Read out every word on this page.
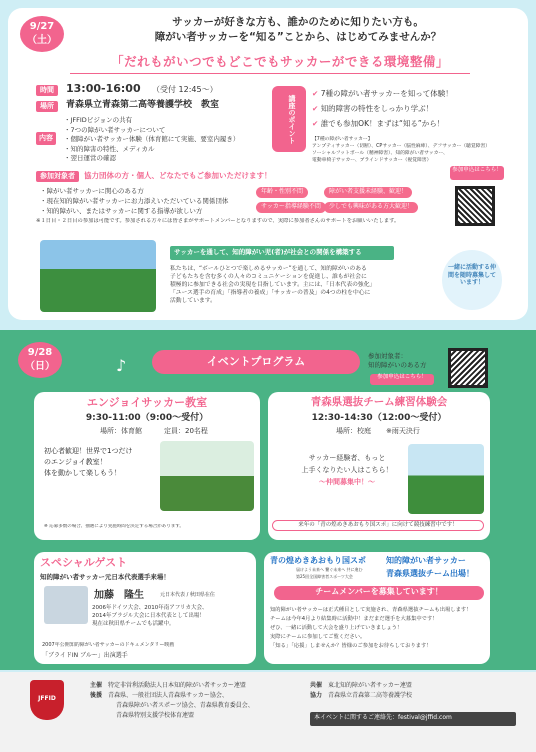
9/27
（土）
サッカーが好きな方も、誰かのために知りたい方も。
障がい者サッカーを“知る”ことから、はじめてみませんか？
「だれもがいつでもどこでもサッカーができる環境整備」
時間	13:00-16:00 （受付 12:45～）
場所	青森県立青森第二高等養護学校　教室
内容
・JFFIDビジョンの共有
・7つの障がい者サッカーについて
・個障がい者サッカー体験（体育館にて実施、要室内履き）
・知的障害の特性、メディカル
・翌日運営の確認
講座のポイント
✔ 7種の障がい者サッカーを知って体験！
✔ 知的障害の特性をしっかり学ぶ！
✔ 誰でも参加OK！まずは“知る”から！
【7種の障がい者サッカー】
アンプティサッカー（切断）、CPサッカー（脳性麻痺）、デフサッカー（聴覚障害）
ソーシャルフットボール（精神障害）、知的障がい者サッカー、
電動車椅子サッカー、ブラインドサッカー（視覚障害）
参加対象者	協力団体の方・個人、どなたでもご参加いただけます！
・障がい者サッカーに関心のある方
・現在知的障がい者サッカーにお力添えいただいている関係団体
・知的障がい、またはサッカーに関する指導が欲しい方
年齢・性別不問	障がい者支援未経験、歓迎！
サッカー指導経験不問	少しでも興味がある方大歓迎！
※１日目・２日目の参加は可能です。参加される方々には皆さまがサポートメンバーとなりますので、実際に参加者さんのサポートをお願いいたします。
参加申込はこちら！
サッカーを通して、知的障がい児(者)が社会との関係を構築する
私たちは、“ボールひとつで楽しめるサッカー”を通して、知的障がいのある
子どもたちを含む多くの人々のコミュニケーションを促進し、誰もが社会に
積極的に参加できる社会の実現を目指しています。主には、「日本代表の強化」
「ユース選手の育成」「指導者の養成」「サッカーの普及」の4つの柱を中心に
活動しています。
一緒に活動する仲間を随時募集しています！
9/28
（日）	♪	イベントプログラム	参加対象者：
知的障がいのある方
参加申込はこちら！
エンジョイサッカー教室
9:30-11:00（9:00～受付）
場所：体育館	定員：20名程
初心者歓迎！世界で1つだけ
のエンジョイ教室！
体を動かして楽しもう！
※ 応募多数の場合、抽選により実施時間を決定する場合があります。
青森県選抜チーム練習体験会
12:30-14:30（12:00～受付）
場所：校庭 ※雨天決行
サッカー経験者、もっと
上手くなりたい人はこちら！
～仲間募集中！～
来年の「青の煌めきあおもり国スポ」に向けて競技練習中です！
スペシャルゲスト
知的障がい者サッカー元日本代表選手来場！
加藤　隆生	元日本代表 / 秋田県在住
2006年ドイツ大会、2010年南アフリカ大会、
2014年ブラジル大会に日本代表として出場！
現在は秋田県チームでも活躍中。
2007年公開知的障がい者サッカーのドキュメンタリー映画
「ブライドIN ブルー」出演選手
青の煌めきあおもり国スポ
届けよう未来へ 繋ぐ未来へ 共に進む
第25回全国障害者スポーツ大会
知的障がい者サッカー
青森県選抜チーム出場！
チームメンバーを募集しています！
知的障がい者サッカーは正式種目として実施され、青森県選抜チームも出場します！
チームは今年4月より結集時に活動中！まだまだ選手を大募集中です！
ぜひ、一緒に活動して大会を盛り上げていきましょう！
実際にチームに参加してご覧ください。
「知る」「応援」しませんか？皆様のご参加をお待ちしております！
JFFID
主催　 特定非営利活動法人日本知的障がい者サッカー連盟
後援　 青森県、一般社団法人青森県サッカー協会、
青森県障がい者スポーツ協会、青森県教育委員会、
青森県特別支援学校体育連盟
共催　 東北知的障がい者サッカー連盟
協力　 青森県立青森第二高等養護学校
本イベントに関するご連絡先：festival@jffid.com
